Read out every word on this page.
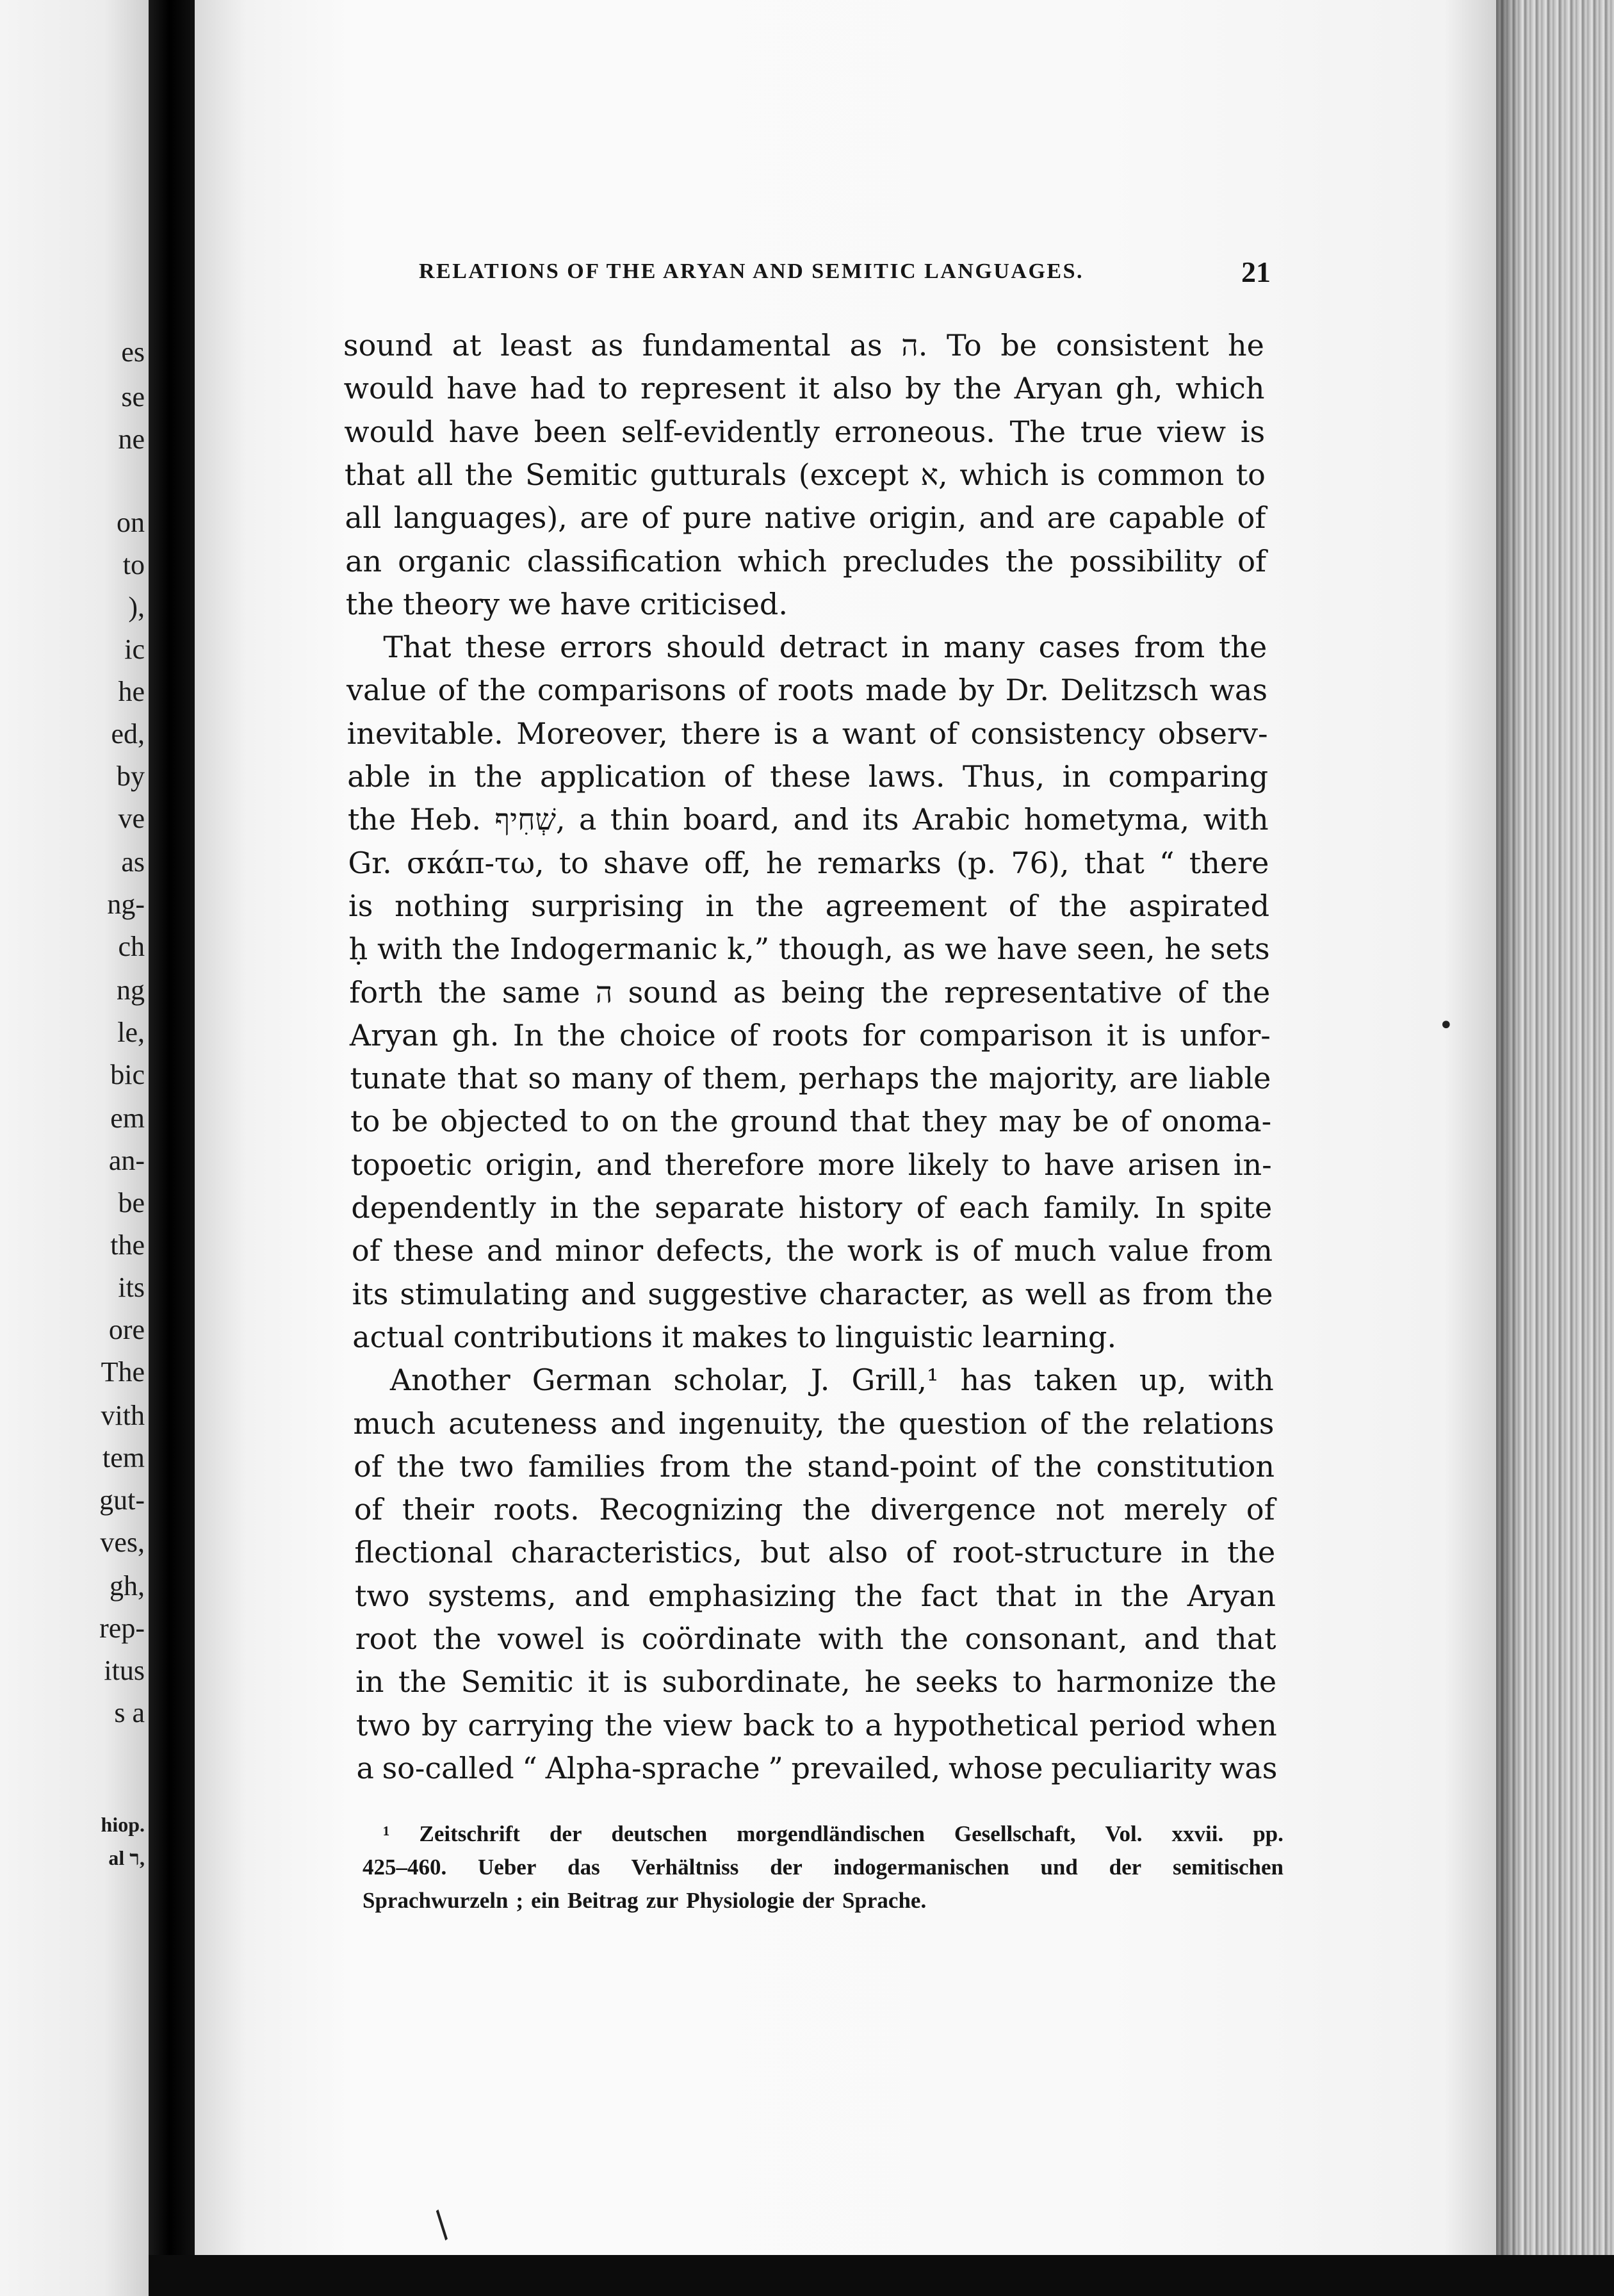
es
se
ne
on
to
),
ic
he
ed,
by
ve
as
ng-
ch
ng
le,
bic
em
an-
be
the
its
ore
The
vith
tem
gut-
ves,
gh,
rep-
itus
s a
hiop.
al ר,
RELATIONS OF THE ARYAN AND SEMITIC LANGUAGES.	21
sound at least as fundamental as ה. To be consistent he
would have had to represent it also by the Aryan gh, which
would have been self-evidently erroneous. The true view is
that all the Semitic gutturals (except א, which is common to
all languages), are of pure native origin, and are capable of
an organic classification which precludes the possibility of
the theory we have criticised.
That these errors should detract in many cases from the
value of the comparisons of roots made by Dr. Delitzsch was
inevitable. Moreover, there is a want of consistency observ-
able in the application of these laws. Thus, in comparing
the Heb. שְׁחִיף, a thin board, and its Arabic hometyma, with
Gr. σκάπ-τω, to shave off, he remarks (p. 76), that “ there
is nothing surprising in the agreement of the aspirated
ḥ with the Indogermanic k,” though, as we have seen, he sets
forth the same ה sound as being the representative of the
Aryan gh. In the choice of roots for comparison it is unfor-
tunate that so many of them, perhaps the majority, are liable
to be objected to on the ground that they may be of onoma-
topoetic origin, and therefore more likely to have arisen in-
dependently in the separate history of each family. In spite
of these and minor defects, the work is of much value from
its stimulating and suggestive character, as well as from the
actual contributions it makes to linguistic learning.
Another German scholar, J. Grill,¹ has taken up, with
much acuteness and ingenuity, the question of the relations
of the two families from the stand-point of the constitution
of their roots. Recognizing the divergence not merely of
flectional characteristics, but also of root-structure in the
two systems, and emphasizing the fact that in the Aryan
root the vowel is coördinate with the consonant, and that
in the Semitic it is subordinate, he seeks to harmonize the
two by carrying the view back to a hypothetical period when
a so-called “ Alpha-sprache ” prevailed, whose peculiarity was
¹ Zeitschrift der deutschen morgendländischen Gesellschaft, Vol. xxvii. pp.
425–460. Ueber das Verhältniss der indogermanischen und der semitischen
Sprachwurzeln ; ein Beitrag zur Physiologie der Sprache.
•
/
